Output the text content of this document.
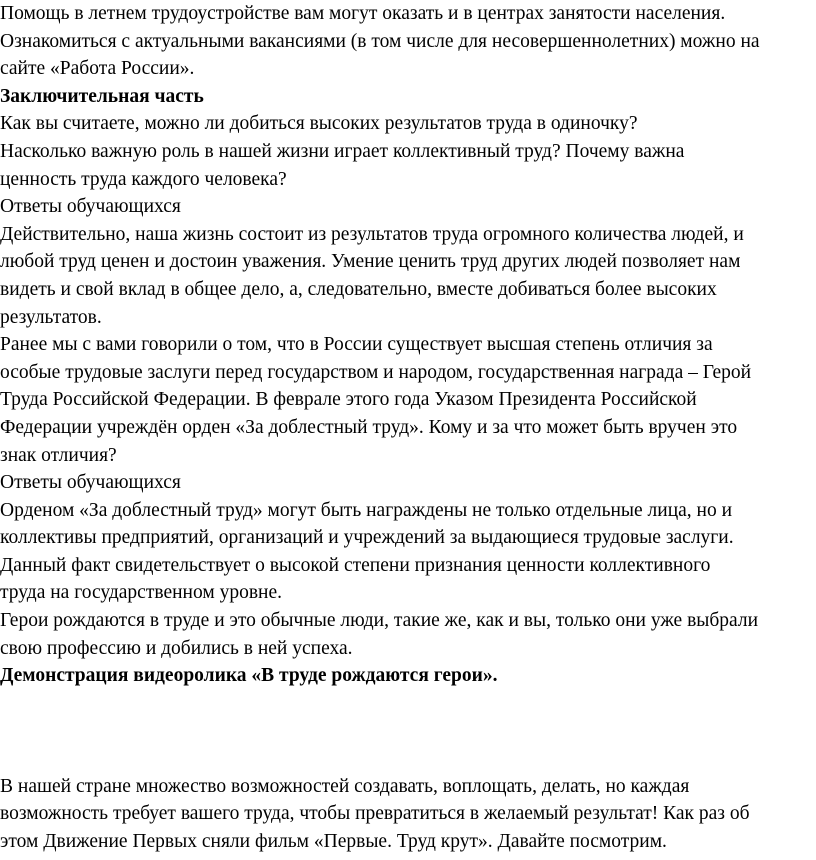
Помощь в летнем трудоустройстве вам могут оказать и в центрах занятости населения.
Ознакомиться с актуальными вакансиями (в том числе для несовершеннолетних) можно на
сайте «Работа России».
Заключительная часть
Как вы считаете, можно ли добиться высоких результатов труда в одиночку?
Насколько важную роль в нашей жизни играет коллективный труд? Почему важна
ценность труда каждого человека?
Ответы обучающихся
Действительно, наша жизнь состоит из результатов труда огромного количества людей, и
любой труд ценен и достоин уважения. Умение ценить труд других людей позволяет нам
видеть и свой вклад в общее дело, а, следовательно, вместе добиваться более высоких
результатов.
Ранее мы с вами говорили о том, что в России существует высшая степень отличия за
особые трудовые заслуги перед государством и народом, государственная награда – Герой
Труда Российской Федерации. В феврале этого года Указом Президента Российской
Федерации учреждён орден «За доблестный труд». Кому и за что может быть вручен это
знак отличия?
Ответы обучающихся
Орденом «За доблестный труд» могут быть награждены не только отдельные лица, но и
коллективы предприятий, организаций и учреждений за выдающиеся трудовые заслуги.
Данный факт свидетельствует о высокой степени признания ценности коллективного
труда на государственном уровне.
Герои рождаются в труде и это обычные люди, такие же, как и вы, только они уже выбрали
свою профессию и добились в ней успеха.
Демонстрация видеоролика «В труде рождаются герои».
В нашей стране множество возможностей создавать, воплощать, делать, но каждая
возможность требует вашего труда, чтобы превратиться в желаемый результат! Как раз об
этом Движение Первых сняли фильм «Первые. Труд крут». Давайте посмотрим.
